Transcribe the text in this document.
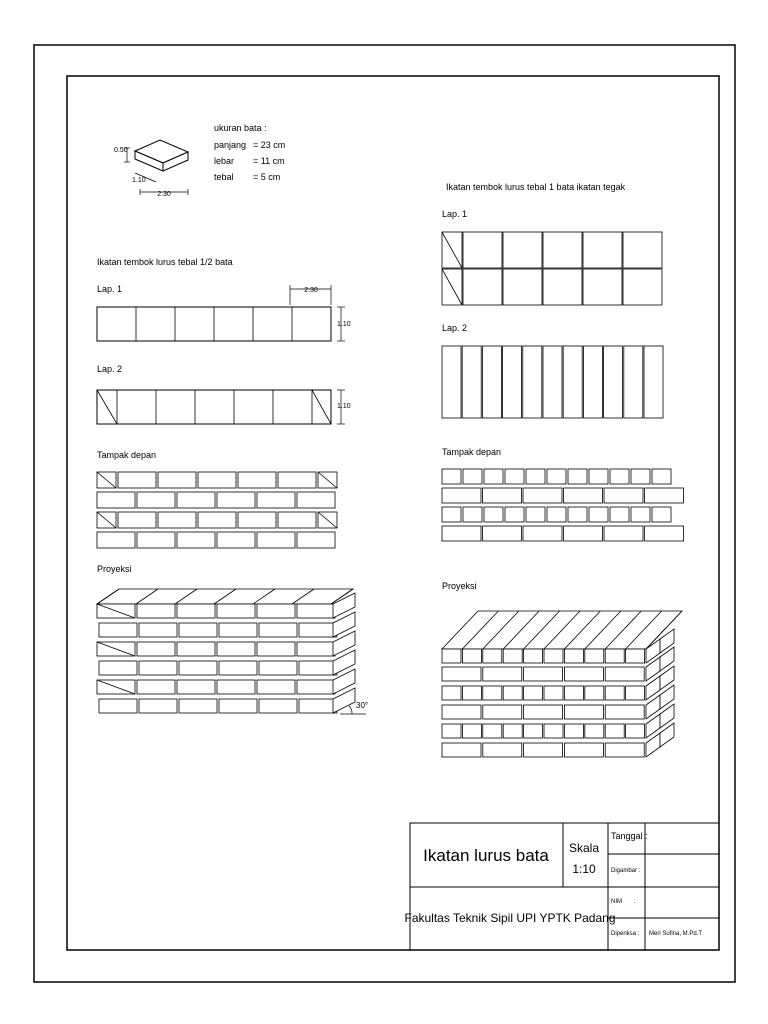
0.50
1.10
2.30
ukuran bata :
panjang = 23 cm
lebar = 11 cm
tebal = 5 cm
Ikatan tembok lurus tebal 1/2 bata
Lap. 1	2.30
1.10
Lap. 2
1.10
Tampak depan
Proyeksi
30°
Ikatan tembok lurus tebal 1 bata ikatan tegak
Lap. 1
Lap. 2
Tampak depan
Proyeksi
Ikatan lurus bata Skala
1:10
Fakultas Teknik Sipil UPI YPTK Padang
Tanggal :
Digambar :
NIM       :
Diperiksa : Meri Sufina, M.Pd.T
